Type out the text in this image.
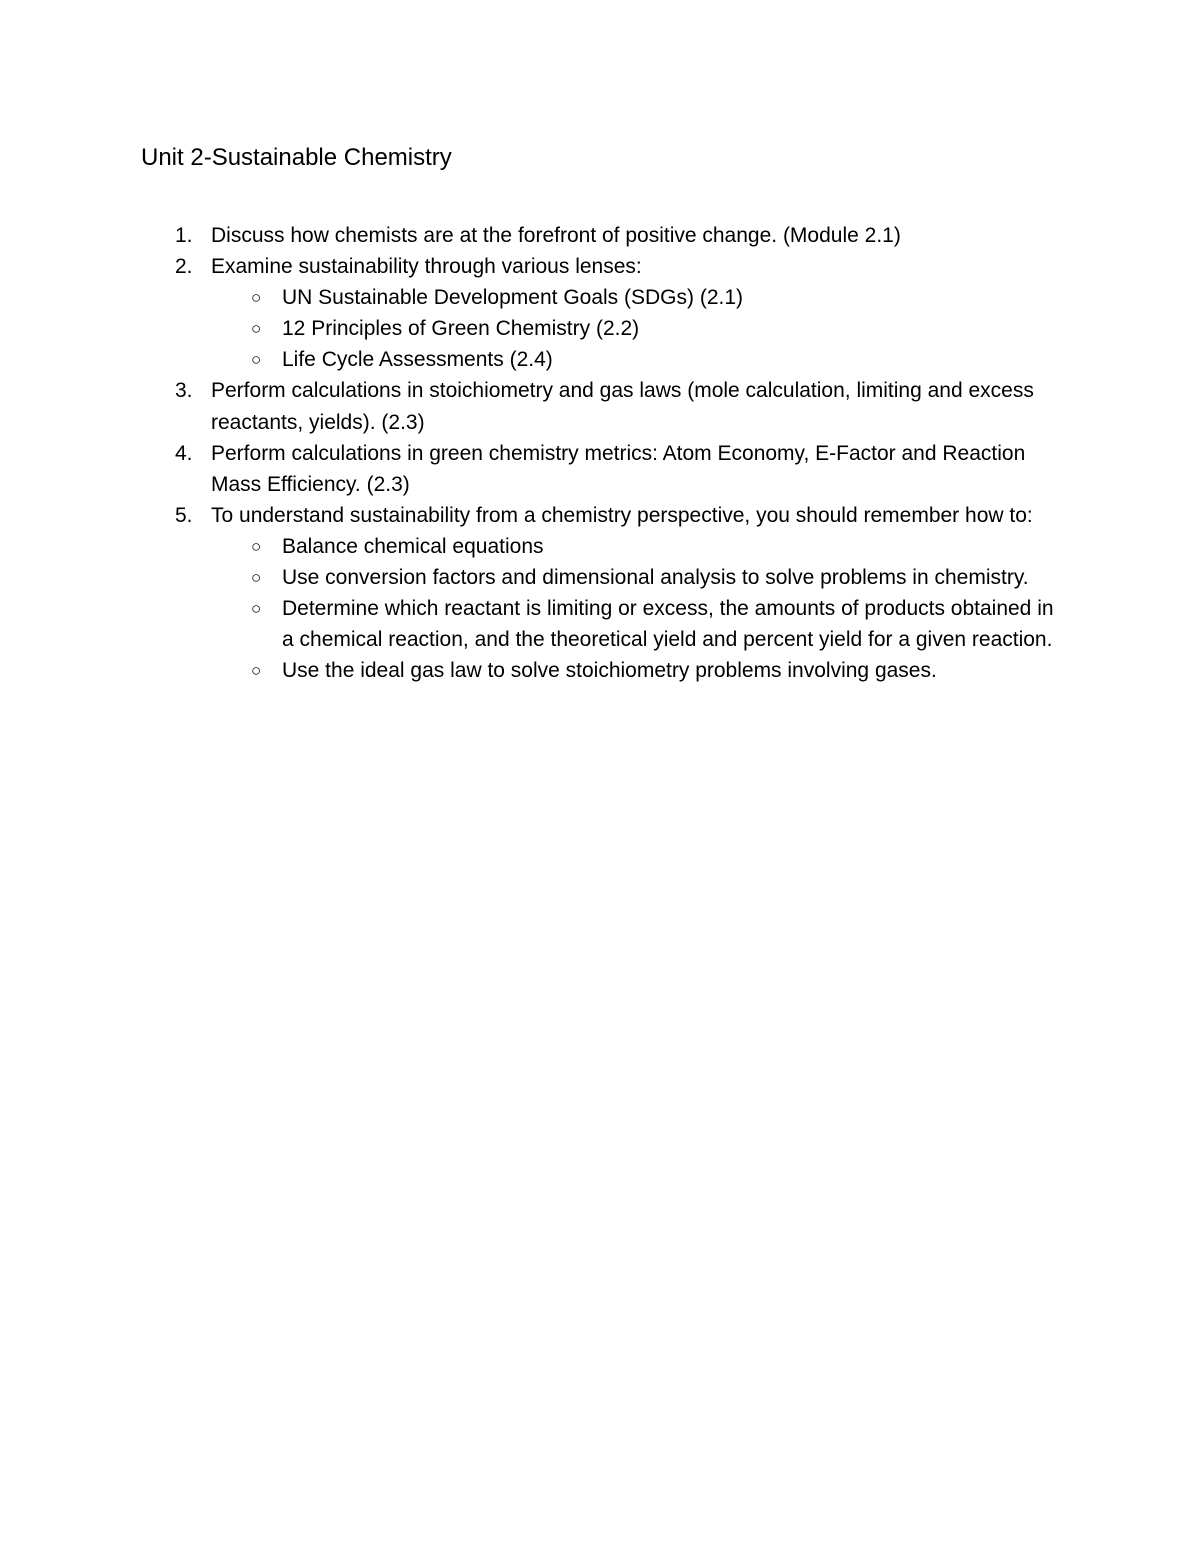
Unit 2-Sustainable Chemistry
1. Discuss how chemists are at the forefront of positive change. (Module 2.1)
2. Examine sustainability through various lenses:
○ UN Sustainable Development Goals (SDGs) (2.1)
○ 12 Principles of Green Chemistry (2.2)
○ Life Cycle Assessments (2.4)
3. Perform calculations in stoichiometry and gas laws (mole calculation, limiting and excess reactants, yields). (2.3)
4. Perform calculations in green chemistry metrics: Atom Economy, E-Factor and Reaction Mass Efficiency. (2.3)
5. To understand sustainability from a chemistry perspective, you should remember how to:
○ Balance chemical equations
○ Use conversion factors and dimensional analysis to solve problems in chemistry.
○ Determine which reactant is limiting or excess, the amounts of products obtained in a chemical reaction, and the theoretical yield and percent yield for a given reaction.
○ Use the ideal gas law to solve stoichiometry problems involving gases.
